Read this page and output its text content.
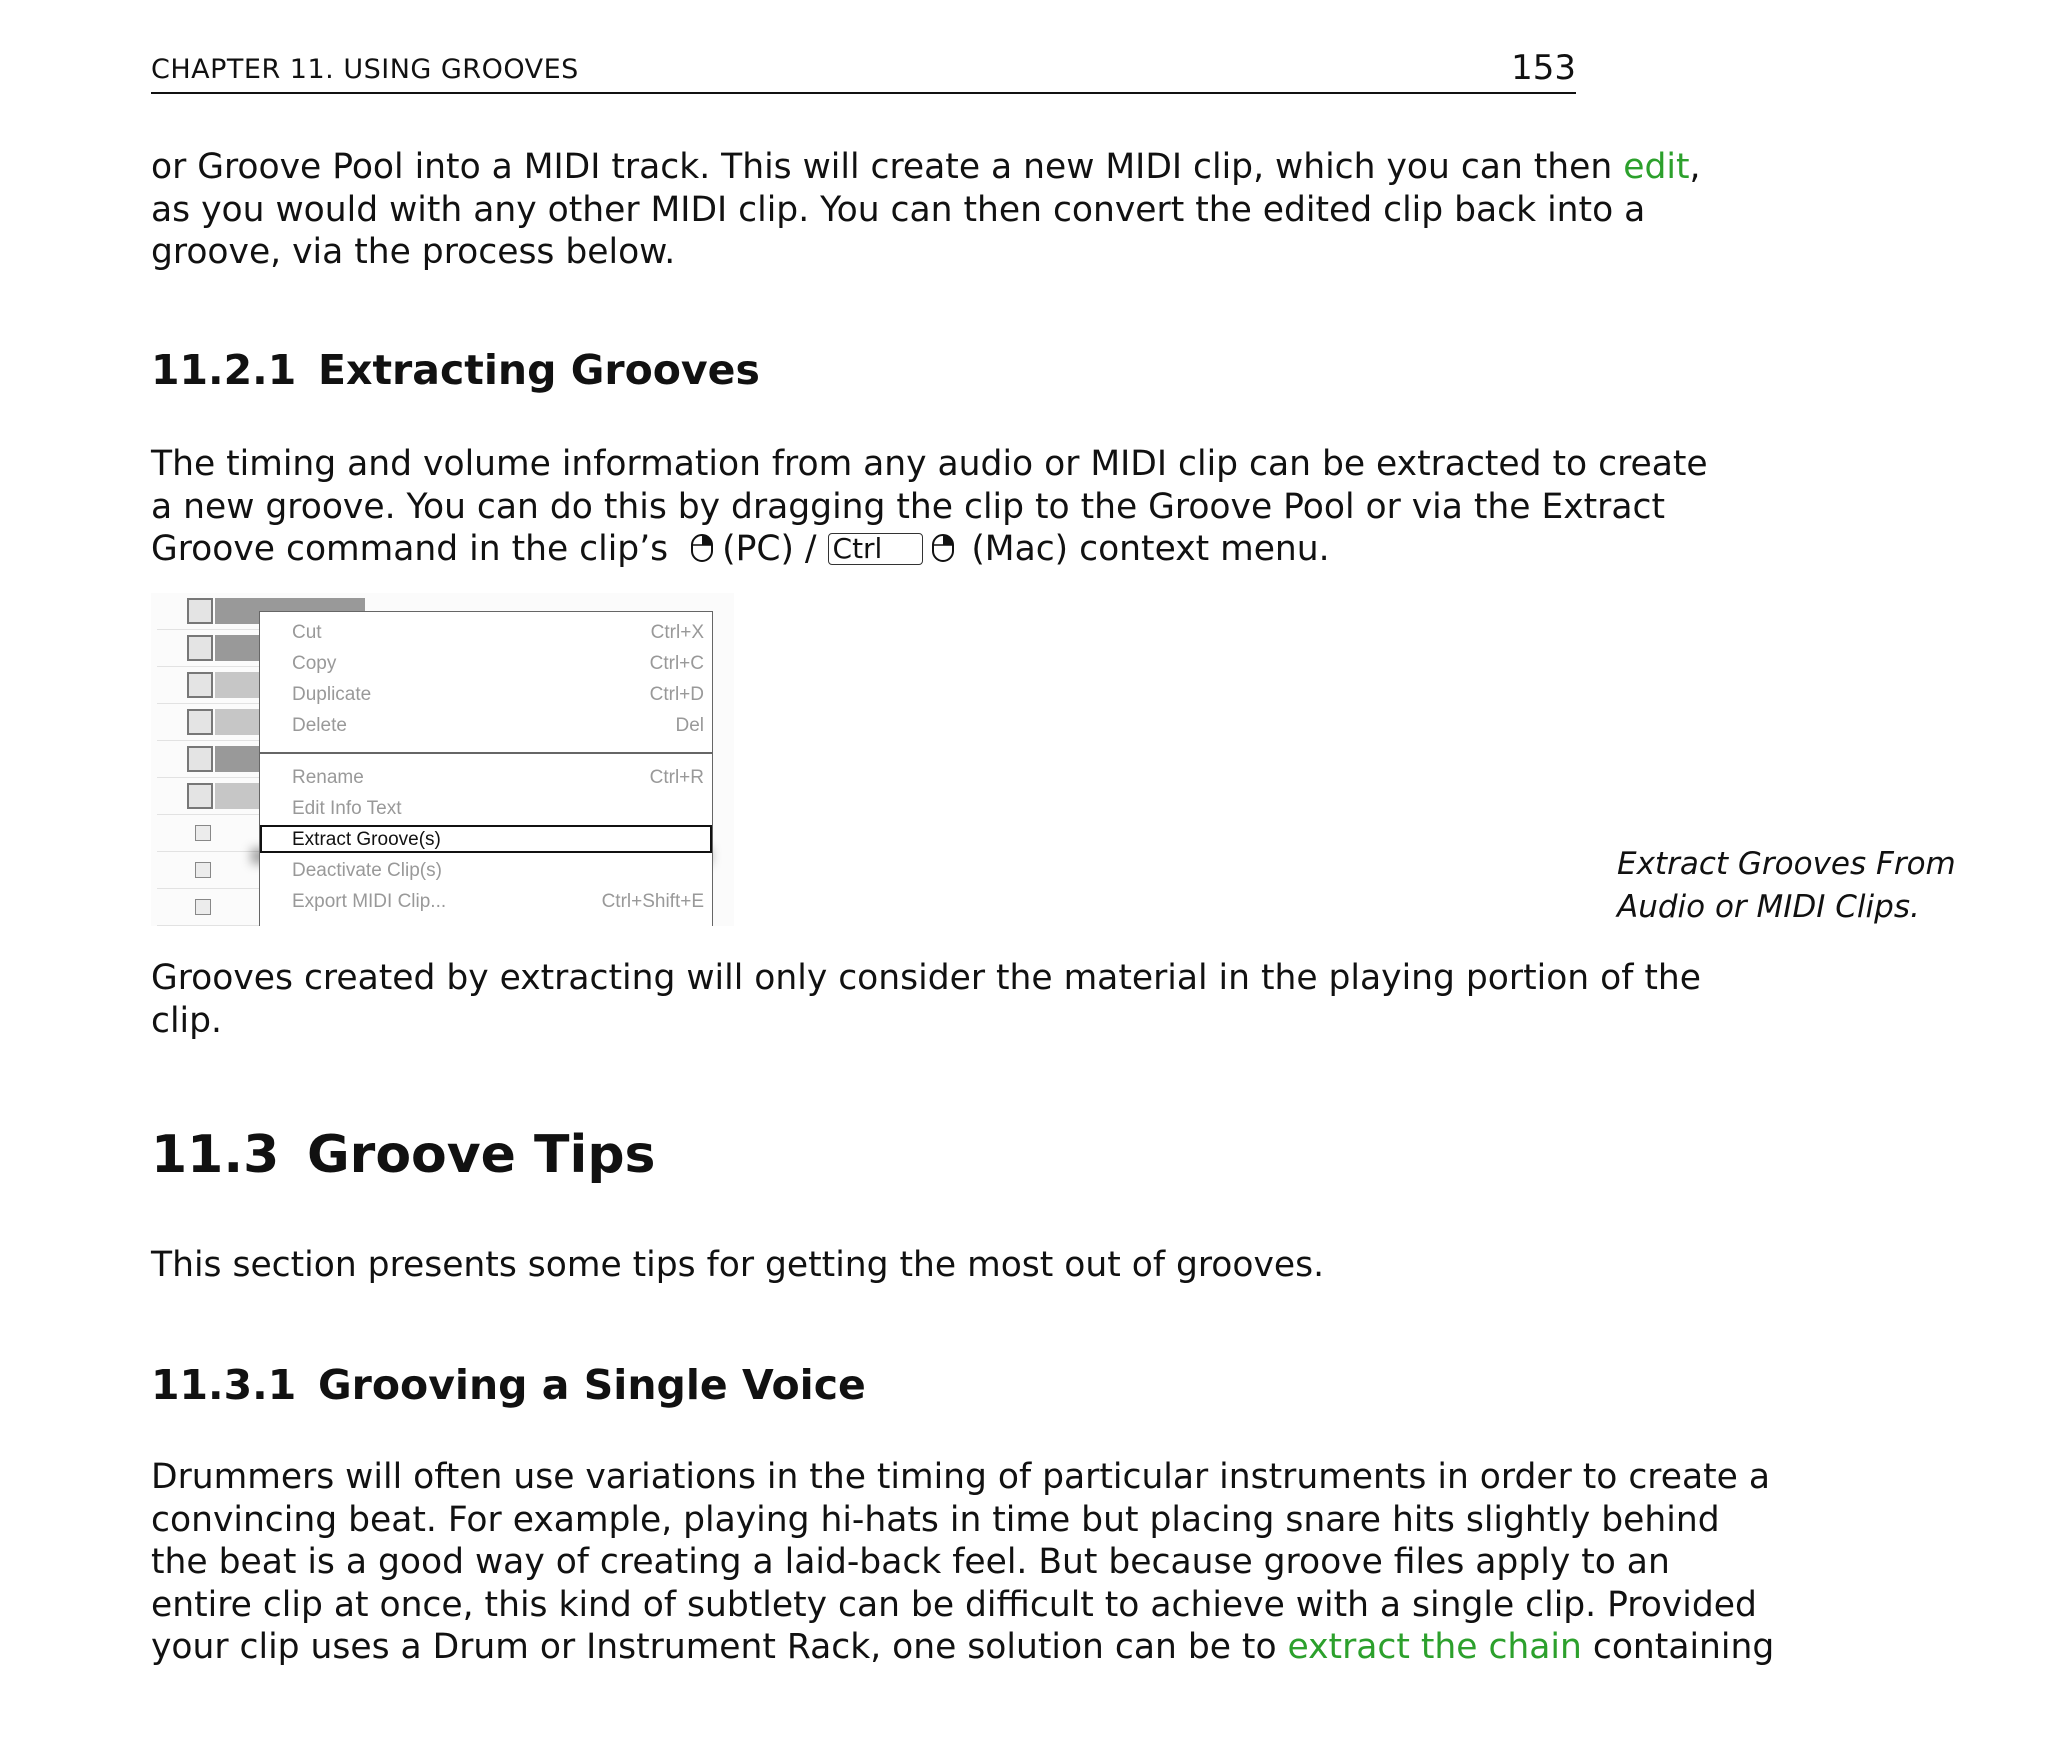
CHAPTER 11. USING GROOVES	153
or Groove Pool into a MIDI track. This will create a new MIDI clip, which you can then edit,
as you would with any other MIDI clip. You can then convert the edited clip back into a
groove, via the process below.
11.2.1 Extracting Grooves
The timing and volume information from any audio or MIDI clip can be extracted to create
a new groove. You can do this by dragging the clip to the Groove Pool or via the Extract
Groove command in the clip’s (PC) / Ctrl	(Mac) context menu.
Cut	Ctrl+X
Copy	Ctrl+C
Duplicate	Ctrl+D
Delete	Del
Rename	Ctrl+R
Edit Info Text
Extract Groove(s)
Deactivate Clip(s)
Export MIDI Clip...	Ctrl+Shift+E
Extract Grooves From
Audio or MIDI Clips.
Grooves created by extracting will only consider the material in the playing portion of the
clip.
11.3 Groove Tips
This section presents some tips for getting the most out of grooves.
11.3.1 Grooving a Single Voice
Drummers will often use variations in the timing of particular instruments in order to create a
convincing beat. For example, playing hi-hats in time but placing snare hits slightly behind
the beat is a good way of creating a laid-back feel. But because groove files apply to an
entire clip at once, this kind of subtlety can be difficult to achieve with a single clip. Provided
your clip uses a Drum or Instrument Rack, one solution can be to extract the chain containing
